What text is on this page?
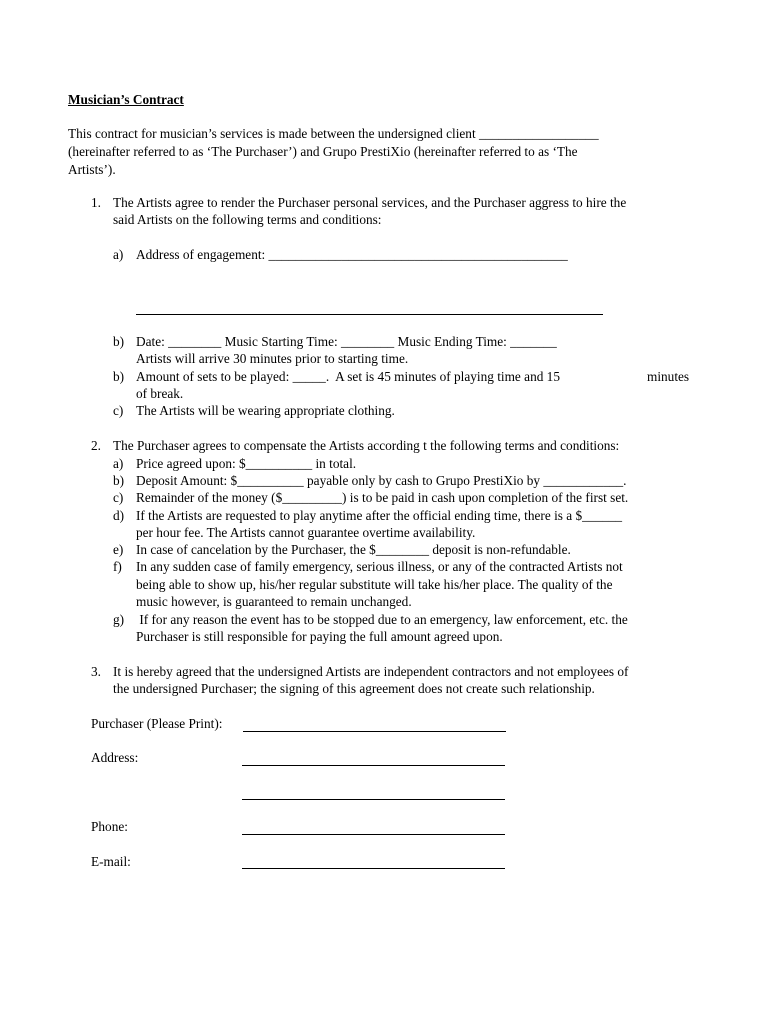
Musician’s Contract
This contract for musician’s services is made between the undersigned client __________________
(hereinafter referred to as ‘The Purchaser’) and Grupo PrestiXio (hereinafter referred to as ‘The
Artists’).
1. The Artists agree to render the Purchaser personal services, and the Purchaser aggress to hire the
said Artists on the following terms and conditions:
a) Address of engagement: _____________________________________________
b) Date: ________ Music Starting Time: ________ Music Ending Time: _______
Artists will arrive 30 minutes prior to starting time.
b) Amount of sets to be played: _____.  A set is 45 minutes of playing time and 15	minutes
of break.
c) The Artists will be wearing appropriate clothing.
2. The Purchaser agrees to compensate the Artists according t the following terms and conditions:
a) Price agreed upon: $__________ in total.
b) Deposit Amount: $__________ payable only by cash to Grupo PrestiXio by ____________.
c) Remainder of the money ($_________) is to be paid in cash upon completion of the first set.
d) If the Artists are requested to play anytime after the official ending time, there is a $______
per hour fee. The Artists cannot guarantee overtime availability.
e) In case of cancelation by the Purchaser, the $________ deposit is non-refundable.
f) In any sudden case of family emergency, serious illness, or any of the contracted Artists not
being able to show up, his/her regular substitute will take his/her place. The quality of the
music however, is guaranteed to remain unchanged.
g) If for any reason the event has to be stopped due to an emergency, law enforcement, etc. the
Purchaser is still responsible for paying the full amount agreed upon.
3. It is hereby agreed that the undersigned Artists are independent contractors and not employees of
the undersigned Purchaser; the signing of this agreement does not create such relationship.
Purchaser (Please Print):
Address:
Phone:
E-mail:
